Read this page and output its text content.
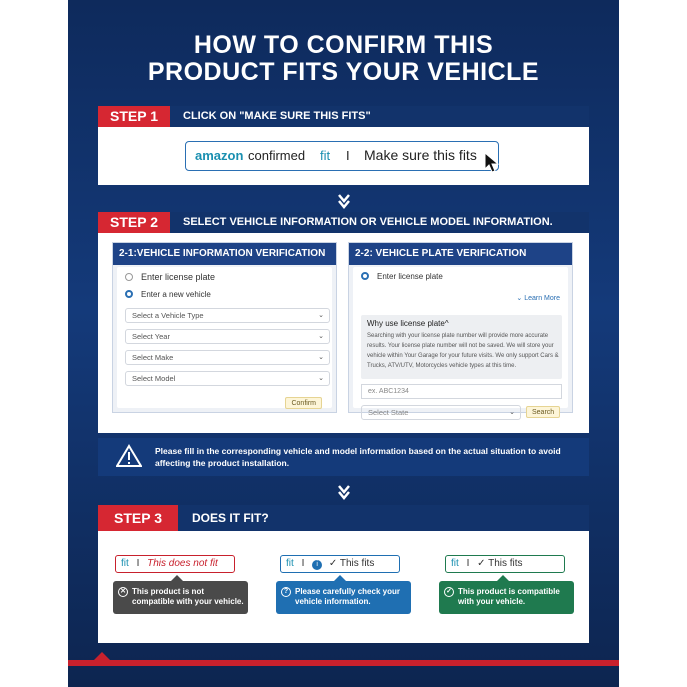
HOW TO CONFIRM THIS
PRODUCT FITS YOUR VEHICLE
STEP 1	CLICK ON "MAKE SURE THIS FITS"
amazon confirmed fit I Make sure this fits
STEP 2	SELECT VEHICLE INFORMATION OR VEHICLE MODEL INFORMATION.
2-1:VEHICLE INFORMATION VERIFICATION
Enter license plate
Enter a new vehicle
Select a Vehicle Type	⌄
Select Year	⌄
Select Make	⌄
Select Model	⌄
Confirm
2-2: VEHICLE PLATE VERIFICATION
Enter license plate
⌄ Learn More
Why use license plate^
Searching with your license plate number will provide more accurate results. Your license plate number will not be saved. We will store your vehicle within Your Garage for your future visits. We only support Cars & Trucks, ATV/UTV, Motorcycles vehicle types at this time.
ex. ABC1234
Select State	⌄	Search
Please fill in the corresponding vehicle and model information based on the actual situation to avoid affecting the product installation.
STEP 3	DOES IT FIT?
fit I This does not fit
✕ This product is not compatible with your vehicle.
fit I i ✓ This fits
? Please carefully check your vehicle information.
fit I ✓ This fits
✓ This product is compatible with your vehicle.
